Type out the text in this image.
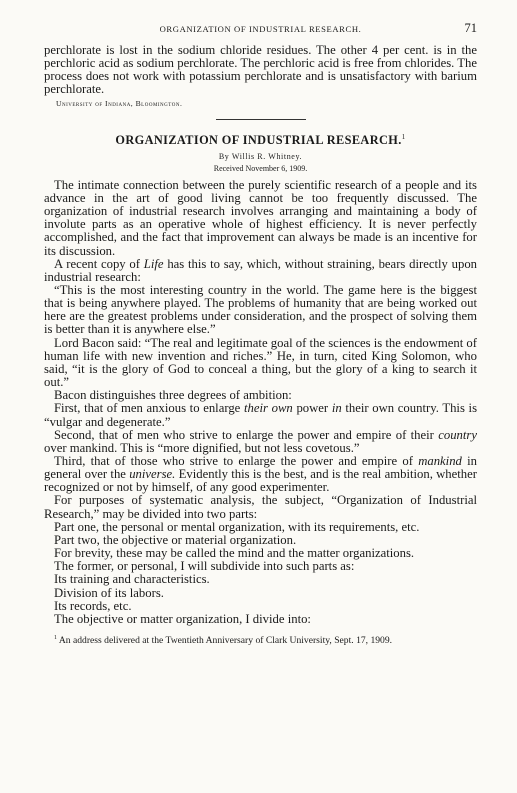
ORGANIZATION OF INDUSTRIAL RESEARCH.	71

perchlorate is lost in the sodium chloride residues. The other 4 per cent. is in the perchloric acid as sodium perchlorate. The perchloric acid is free from chlorides. The process does not work with potassium perchlorate and is unsatisfactory with barium perchlorate.

University of Indiana, Bloomington.
ORGANIZATION OF INDUSTRIAL RESEARCH.$^1$
By Willis R. Whitney.
Received November 6, 1909.

The intimate connection between the purely scientific research of a people and its advance in the art of good living cannot be too frequently discussed. The organization of industrial research involves arranging and maintaining a body of involute parts as an operative whole of highest efficiency. It is never perfectly accomplished, and the fact that improvement can always be made is an incentive for its discussion.

A recent copy of Life has this to say, which, without straining, bears directly upon industrial research:

“This is the most interesting country in the world. The game here is the biggest that is being anywhere played. The problems of humanity that are being worked out here are the greatest problems under consideration, and the prospect of solving them is better than it is anywhere else.”

Lord Bacon said: “The real and legitimate goal of the sciences is the endowment of human life with new invention and riches.” He, in turn, cited King Solomon, who said, “it is the glory of God to conceal a thing, but the glory of a king to search it out.”

Bacon distinguishes three degrees of ambition:

First, that of men anxious to enlarge their own power in their own country. This is “vulgar and degenerate.”

Second, that of men who strive to enlarge the power and empire of their country over mankind. This is “more dignified, but not less covetous.”

Third, that of those who strive to enlarge the power and empire of mankind in general over the universe. Evidently this is the best, and is the real ambition, whether recognized or not by himself, of any good experimenter.

For purposes of systematic analysis, the subject, “Organization of Industrial Research,” may be divided into two parts:

Part one, the personal or mental organization, with its requirements, etc.

Part two, the objective or material organization.

For brevity, these may be called the mind and the matter organizations.

The former, or personal, I will subdivide into such parts as:

Its training and characteristics.

Division of its labors.

Its records, etc.

The objective or matter organization, I divide into:

$^1$ An address delivered at the Twentieth Anniversary of Clark University, Sept. 17, 1909.
